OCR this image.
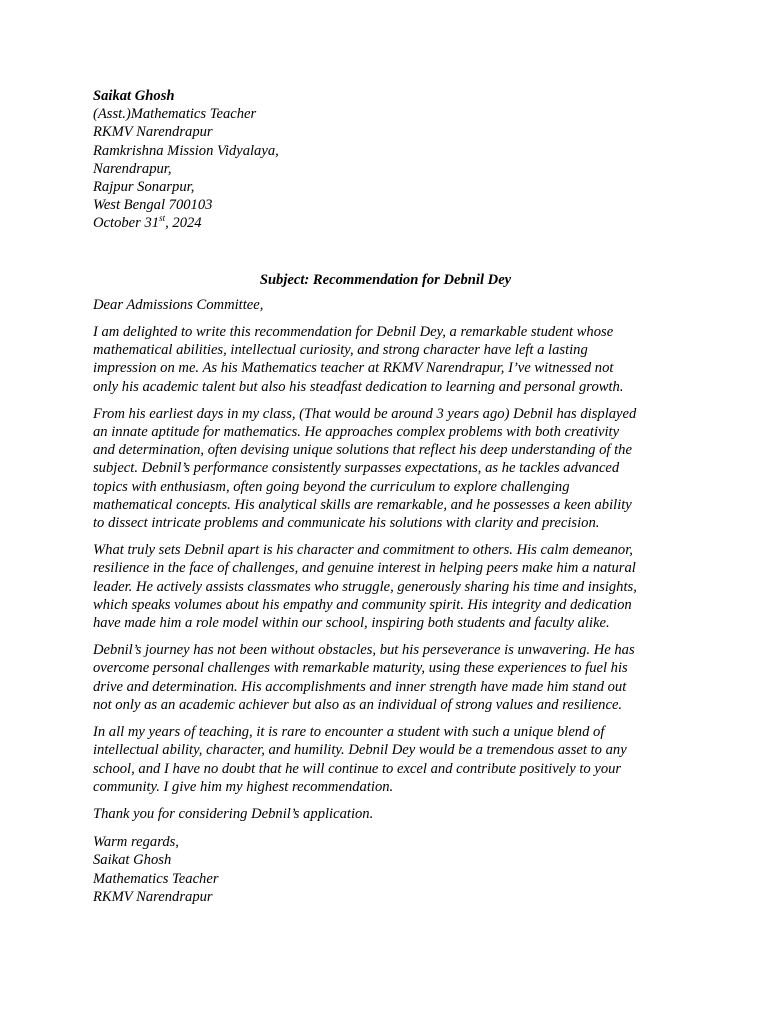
Saikat Ghosh

(Asst.)Mathematics Teacher

RKMV Narendrapur

Ramkrishna Mission Vidyalaya,

Narendrapur,

Rajpur Sonarpur,

West Bengal 700103

October 31st, 2024

Subject: Recommendation for Debnil Dey
Dear Admissions Committee,

I am delighted to write this recommendation for Debnil Dey, a remarkable student whose
mathematical abilities, intellectual curiosity, and strong character have left a lasting
impression on me. As his Mathematics teacher at RKMV Narendrapur, I’ve witnessed not
only his academic talent but also his steadfast dedication to learning and personal growth.

From his earliest days in my class, (That would be around 3 years ago) Debnil has displayed
an innate aptitude for mathematics. He approaches complex problems with both creativity
and determination, often devising unique solutions that reflect his deep understanding of the
subject. Debnil’s performance consistently surpasses expectations, as he tackles advanced
topics with enthusiasm, often going beyond the curriculum to explore challenging
mathematical concepts. His analytical skills are remarkable, and he possesses a keen ability
to dissect intricate problems and communicate his solutions with clarity and precision.

What truly sets Debnil apart is his character and commitment to others. His calm demeanor,
resilience in the face of challenges, and genuine interest in helping peers make him a natural
leader. He actively assists classmates who struggle, generously sharing his time and insights,
which speaks volumes about his empathy and community spirit. His integrity and dedication
have made him a role model within our school, inspiring both students and faculty alike.

Debnil’s journey has not been without obstacles, but his perseverance is unwavering. He has
overcome personal challenges with remarkable maturity, using these experiences to fuel his
drive and determination. His accomplishments and inner strength have made him stand out
not only as an academic achiever but also as an individual of strong values and resilience.

In all my years of teaching, it is rare to encounter a student with such a unique blend of
intellectual ability, character, and humility. Debnil Dey would be a tremendous asset to any
school, and I have no doubt that he will continue to excel and contribute positively to your
community. I give him my highest recommendation.

Thank you for considering Debnil’s application.

Warm regards,

Saikat Ghosh

Mathematics Teacher

RKMV Narendrapur
